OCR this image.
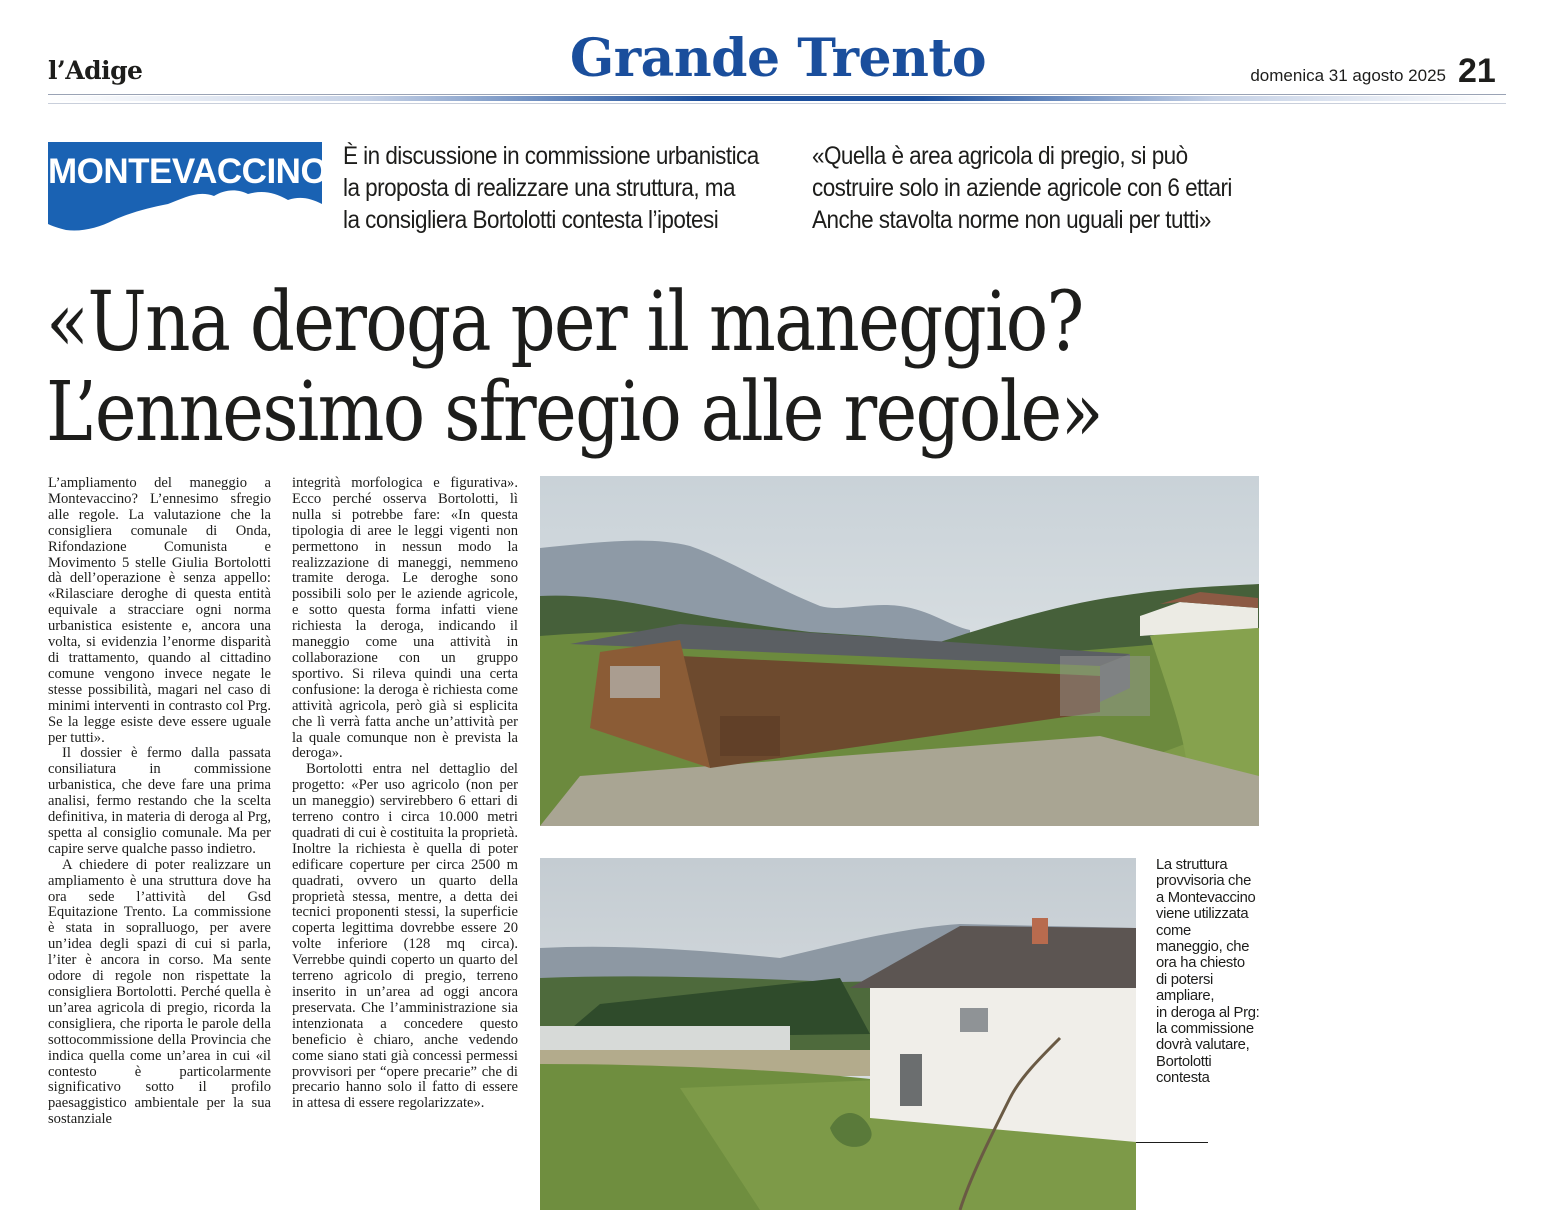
l’Adige	Grande Trento	domenica 31 agosto 2025 21
MONTEVACCINO È in discussione in commissione urbanistica
la proposta di realizzare una struttura, ma
la consigliera Bortolotti contesta l’ipotesi
«Quella è area agricola di pregio, si può
costruire solo in aziende agricole con 6 ettari
Anche stavolta norme non uguali per tutti»
«Una deroga per il maneggio?
L’ennesimo sfregio alle regole»

L’ampliamento del maneggio a Montevaccino? L’ennesimo sfregio alle regole. La valutazione che la consigliera comunale di Onda, Rifondazione Comunista e Movimento 5 stelle Giulia Bortolotti dà dell’operazione è senza appello: «Rilasciare deroghe di questa entità equivale a stracciare ogni norma urbanistica esistente e, ancora una volta, si evidenzia l’enorme disparità di trattamento, quando al cittadino comune vengono invece negate le stesse possibilità, magari nel caso di minimi interventi in contrasto col Prg. Se la legge esiste deve essere uguale per tutti».

Il dossier è fermo dalla passata consiliatura in commissione urbanistica, che deve fare una prima analisi, fermo restando che la scelta definitiva, in materia di deroga al Prg, spetta al consiglio comunale. Ma per capire serve qualche passo indietro.

A chiedere di poter realizzare un ampliamento è una struttura dove ha ora sede l’attività del Gsd Equitazione Trento. La commissione è stata in sopralluogo, per avere un’idea degli spazi di cui si parla, l’iter è ancora in corso. Ma sente odore di regole non rispettate la consigliera Bortolotti. Perché quella è un’area agricola di pregio, ricorda la consigliera, che riporta le parole della sottocommissione della Provincia che indica quella come un’area in cui «il contesto è particolarmente significativo sotto il profilo paesaggistico ambientale per la sua sostanziale

integrità morfologica e figurativa». Ecco perché osserva Bortolotti, lì nulla si potrebbe fare: «In questa tipologia di aree le leggi vigenti non permettono in nessun modo la realizzazione di maneggi, nemmeno tramite deroga. Le deroghe sono possibili solo per le aziende agricole, e sotto questa forma infatti viene richiesta la deroga, indicando il maneggio come una attività in collaborazione con un gruppo sportivo. Si rileva quindi una certa confusione: la deroga è richiesta come attività agricola, però già si esplicita che lì verrà fatta anche un’attività per la quale comunque non è prevista la deroga».

Bortolotti entra nel dettaglio del progetto: «Per uso agricolo (non per un maneggio) servirebbero 6 ettari di terreno contro i circa 10.000 metri quadrati di cui è costituita la proprietà. Inoltre la richiesta è quella di poter edificare coperture per circa 2500 m quadrati, ovvero un quarto della proprietà stessa, mentre, a detta dei tecnici proponenti stessi, la superficie coperta legittima dovrebbe essere 20 volte inferiore (128 mq circa). Verrebbe quindi coperto un quarto del terreno agricolo di pregio, terreno inserito in un’area ad oggi ancora preservata. Che l’amministrazione sia intenzionata a concedere questo beneficio è chiaro, anche vedendo come siano stati già concessi permessi provvisori per “opere precarie” che di precario hanno solo il fatto di essere in attesa di essere regolarizzate».

La struttura
provvisoria che
a Montevaccino
viene utilizzata
come
maneggio, che
ora ha chiesto
di potersi
ampliare,
in deroga al Prg:
la commissione
dovrà valutare,
Bortolotti
contesta
